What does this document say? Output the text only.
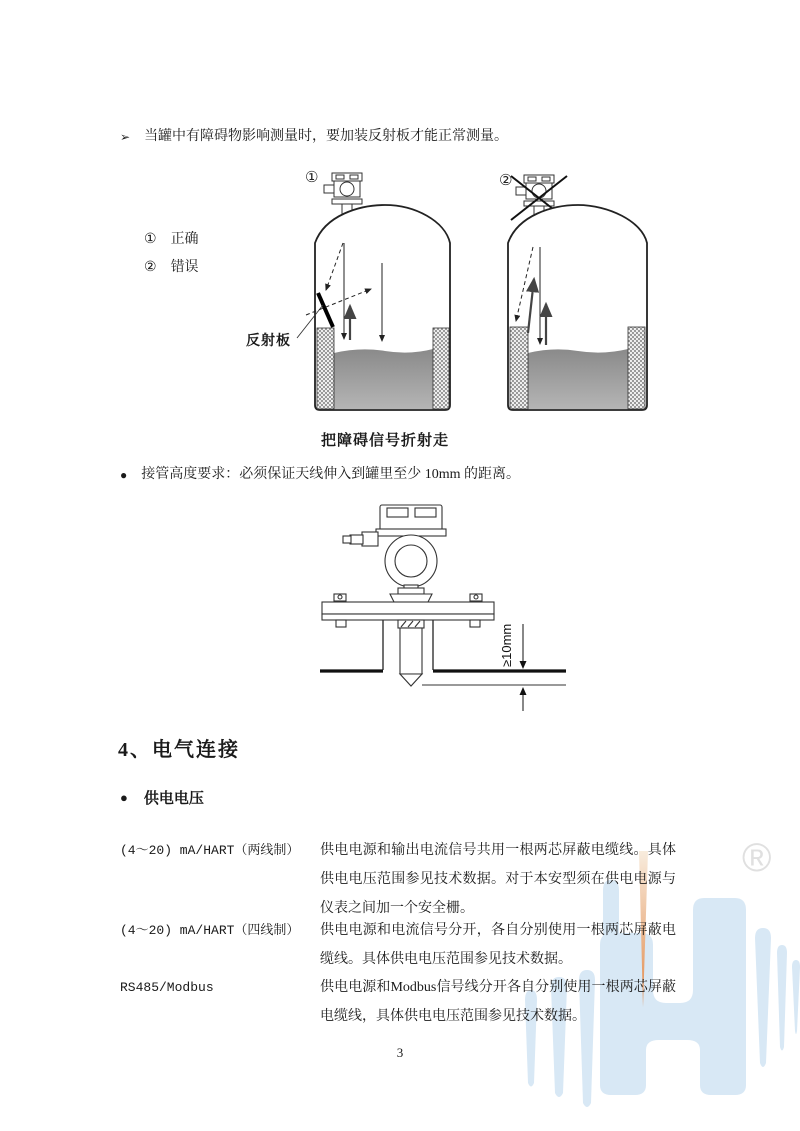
®
➢ 当罐中有障碍物影响测量时，要加装反射板才能正常测量。
① 正确
② 错误
①	②
反射板
把障碍信号折射走
● 接管高度要求：必须保证天线伸入到罐里至少 10mm 的距离。
≥10mm
4、电气连接
● 供电电压
(4～20) mA/HART（两线制）	供电电源和输出电流信号共用一根两芯屏蔽电缆线。具体供电电压范围参见技术数据。对于本安型须在供电电源与仪表之间加一个安全栅。
(4～20) mA/HART（四线制）	供电电源和电流信号分开，各自分别使用一根两芯屏蔽电缆线。具体供电电压范围参见技术数据。
RS485/Modbus	供电电源和Modbus信号线分开各自分别使用一根两芯屏蔽电缆线，具体供电电压范围参见技术数据。
3
